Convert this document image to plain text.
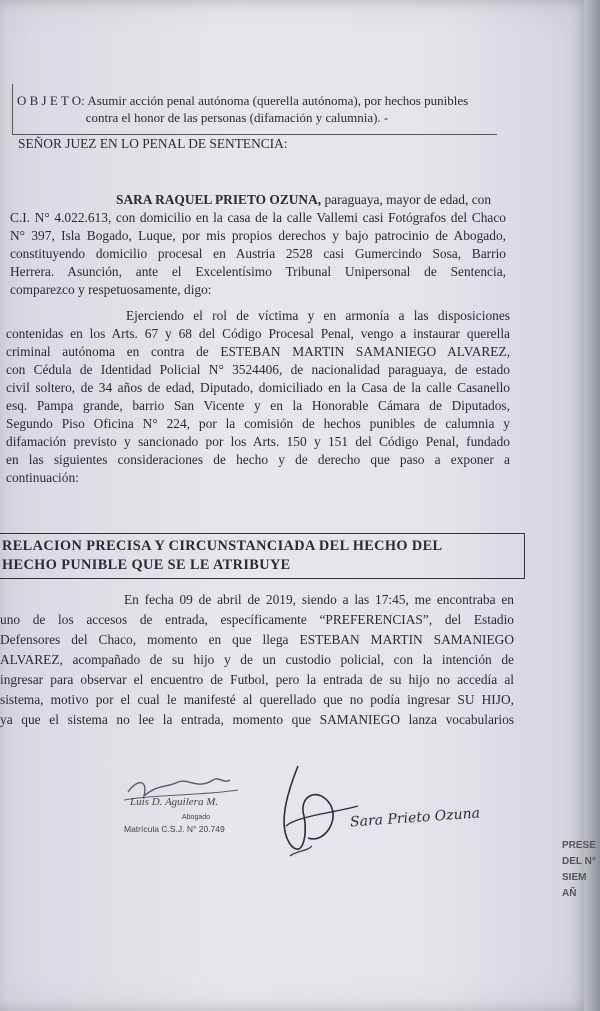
O B J E T O: Asumir acción penal autónoma (querella autónoma), por hechos punibles

contra el honor de las personas (difamación y calumnia). -
SEÑOR JUEZ EN LO PENAL DE SENTENCIA:
SARA RAQUEL PRIETO OZUNA, paraguaya, mayor de edad, con
C.I. N° 4.022.613, con domicilio en la casa de la calle Vallemi casi Fotógrafos del Chaco
N° 397, Isla Bogado, Luque, por mis propios derechos y bajo patrocinio de Abogado,
constituyendo domicilio procesal en Austria 2528 casi Gumercindo Sosa, Barrio
Herrera. Asunción, ante el Excelentísimo Tribunal Unipersonal de Sentencia,
comparezco y respetuosamente, digo:
Ejerciendo el rol de víctima y en armonía a las disposiciones
contenidas en los Arts. 67 y 68 del Código Procesal Penal, vengo a instaurar querella
criminal autónoma en contra de ESTEBAN MARTIN SAMANIEGO ALVAREZ,
con Cédula de Identidad Policial N° 3524406, de nacionalidad paraguaya, de estado
civil soltero, de 34 años de edad, Diputado, domiciliado en la Casa de la calle Casanello
esq. Pampa grande, barrio San Vicente y en la Honorable Cámara de Diputados,
Segundo Piso Oficina N° 224, por la comisión de hechos punibles de calumnia y
difamación previsto y sancionado por los Arts. 150 y 151 del Código Penal, fundado
en las siguientes consideraciones de hecho y de derecho que paso a exponer a
continuación:
RELACION PRECISA Y CIRCUNSTANCIADA DEL HECHO DEL
HECHO PUNIBLE QUE SE LE ATRIBUYE
En fecha 09 de abril de 2019, siendo a las 17:45, me encontraba en
uno de los accesos de entrada, específicamente “PREFERENCIAS”, del Estadio
Defensores del Chaco, momento en que llega ESTEBAN MARTIN SAMANIEGO
ALVAREZ, acompañado de su hijo y de un custodio policial, con la intención de
ingresar para observar el encuentro de Futbol, pero la entrada de su hijo no accedía al
sistema, motivo por el cual le manifesté al querellado que no podía ingresar SU HIJO,
ya que el sistema no lee la entrada, momento que SAMANIEGO lanza vocabularios
Luis D. Aguilera M.
Abogado
Matrícula C.S.J. N° 20.749	Sara Prieto Ozuna
PRESE
DEL N°
SIEM
AÑ
